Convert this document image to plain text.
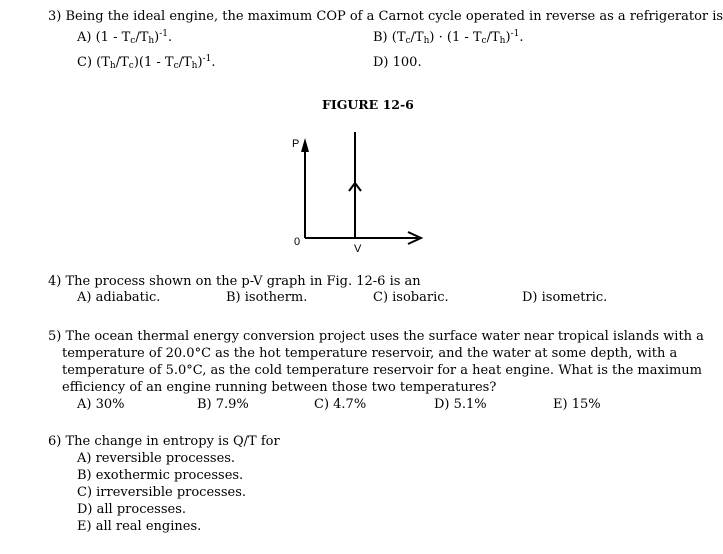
3) Being the ideal engine, the maximum COP of a Carnot cycle operated in reverse as a refrigerator is
A) $(1 - T_c/T_h)^{-1}$.	B) $(T_c/T_h) \cdot (1 - T_c/T_h)^{-1}$.
C) $(T_h/T_c)(1 - T_c/T_h)^{-1}$.	D) 100.
FIGURE 12-6
P
0
V
4) The process shown on the p-V graph in Fig. 12-6 is an
A) adiabatic.	B) isotherm.	C) isobaric.	D) isometric.
5) The ocean thermal energy conversion project uses the surface water near tropical islands with a
temperature of 20.0°C as the hot temperature reservoir, and the water at some depth, with a
temperature of 5.0°C, as the cold temperature reservoir for a heat engine. What is the maximum
efficiency of an engine running between those two temperatures?
A) 30%	B) 7.9%	C) 4.7%	D) 5.1%	E) 15%
6) The change in entropy is Q/T for
A) reversible processes.
B) exothermic processes.
C) irreversible processes.
D) all processes.
E) all real engines.
